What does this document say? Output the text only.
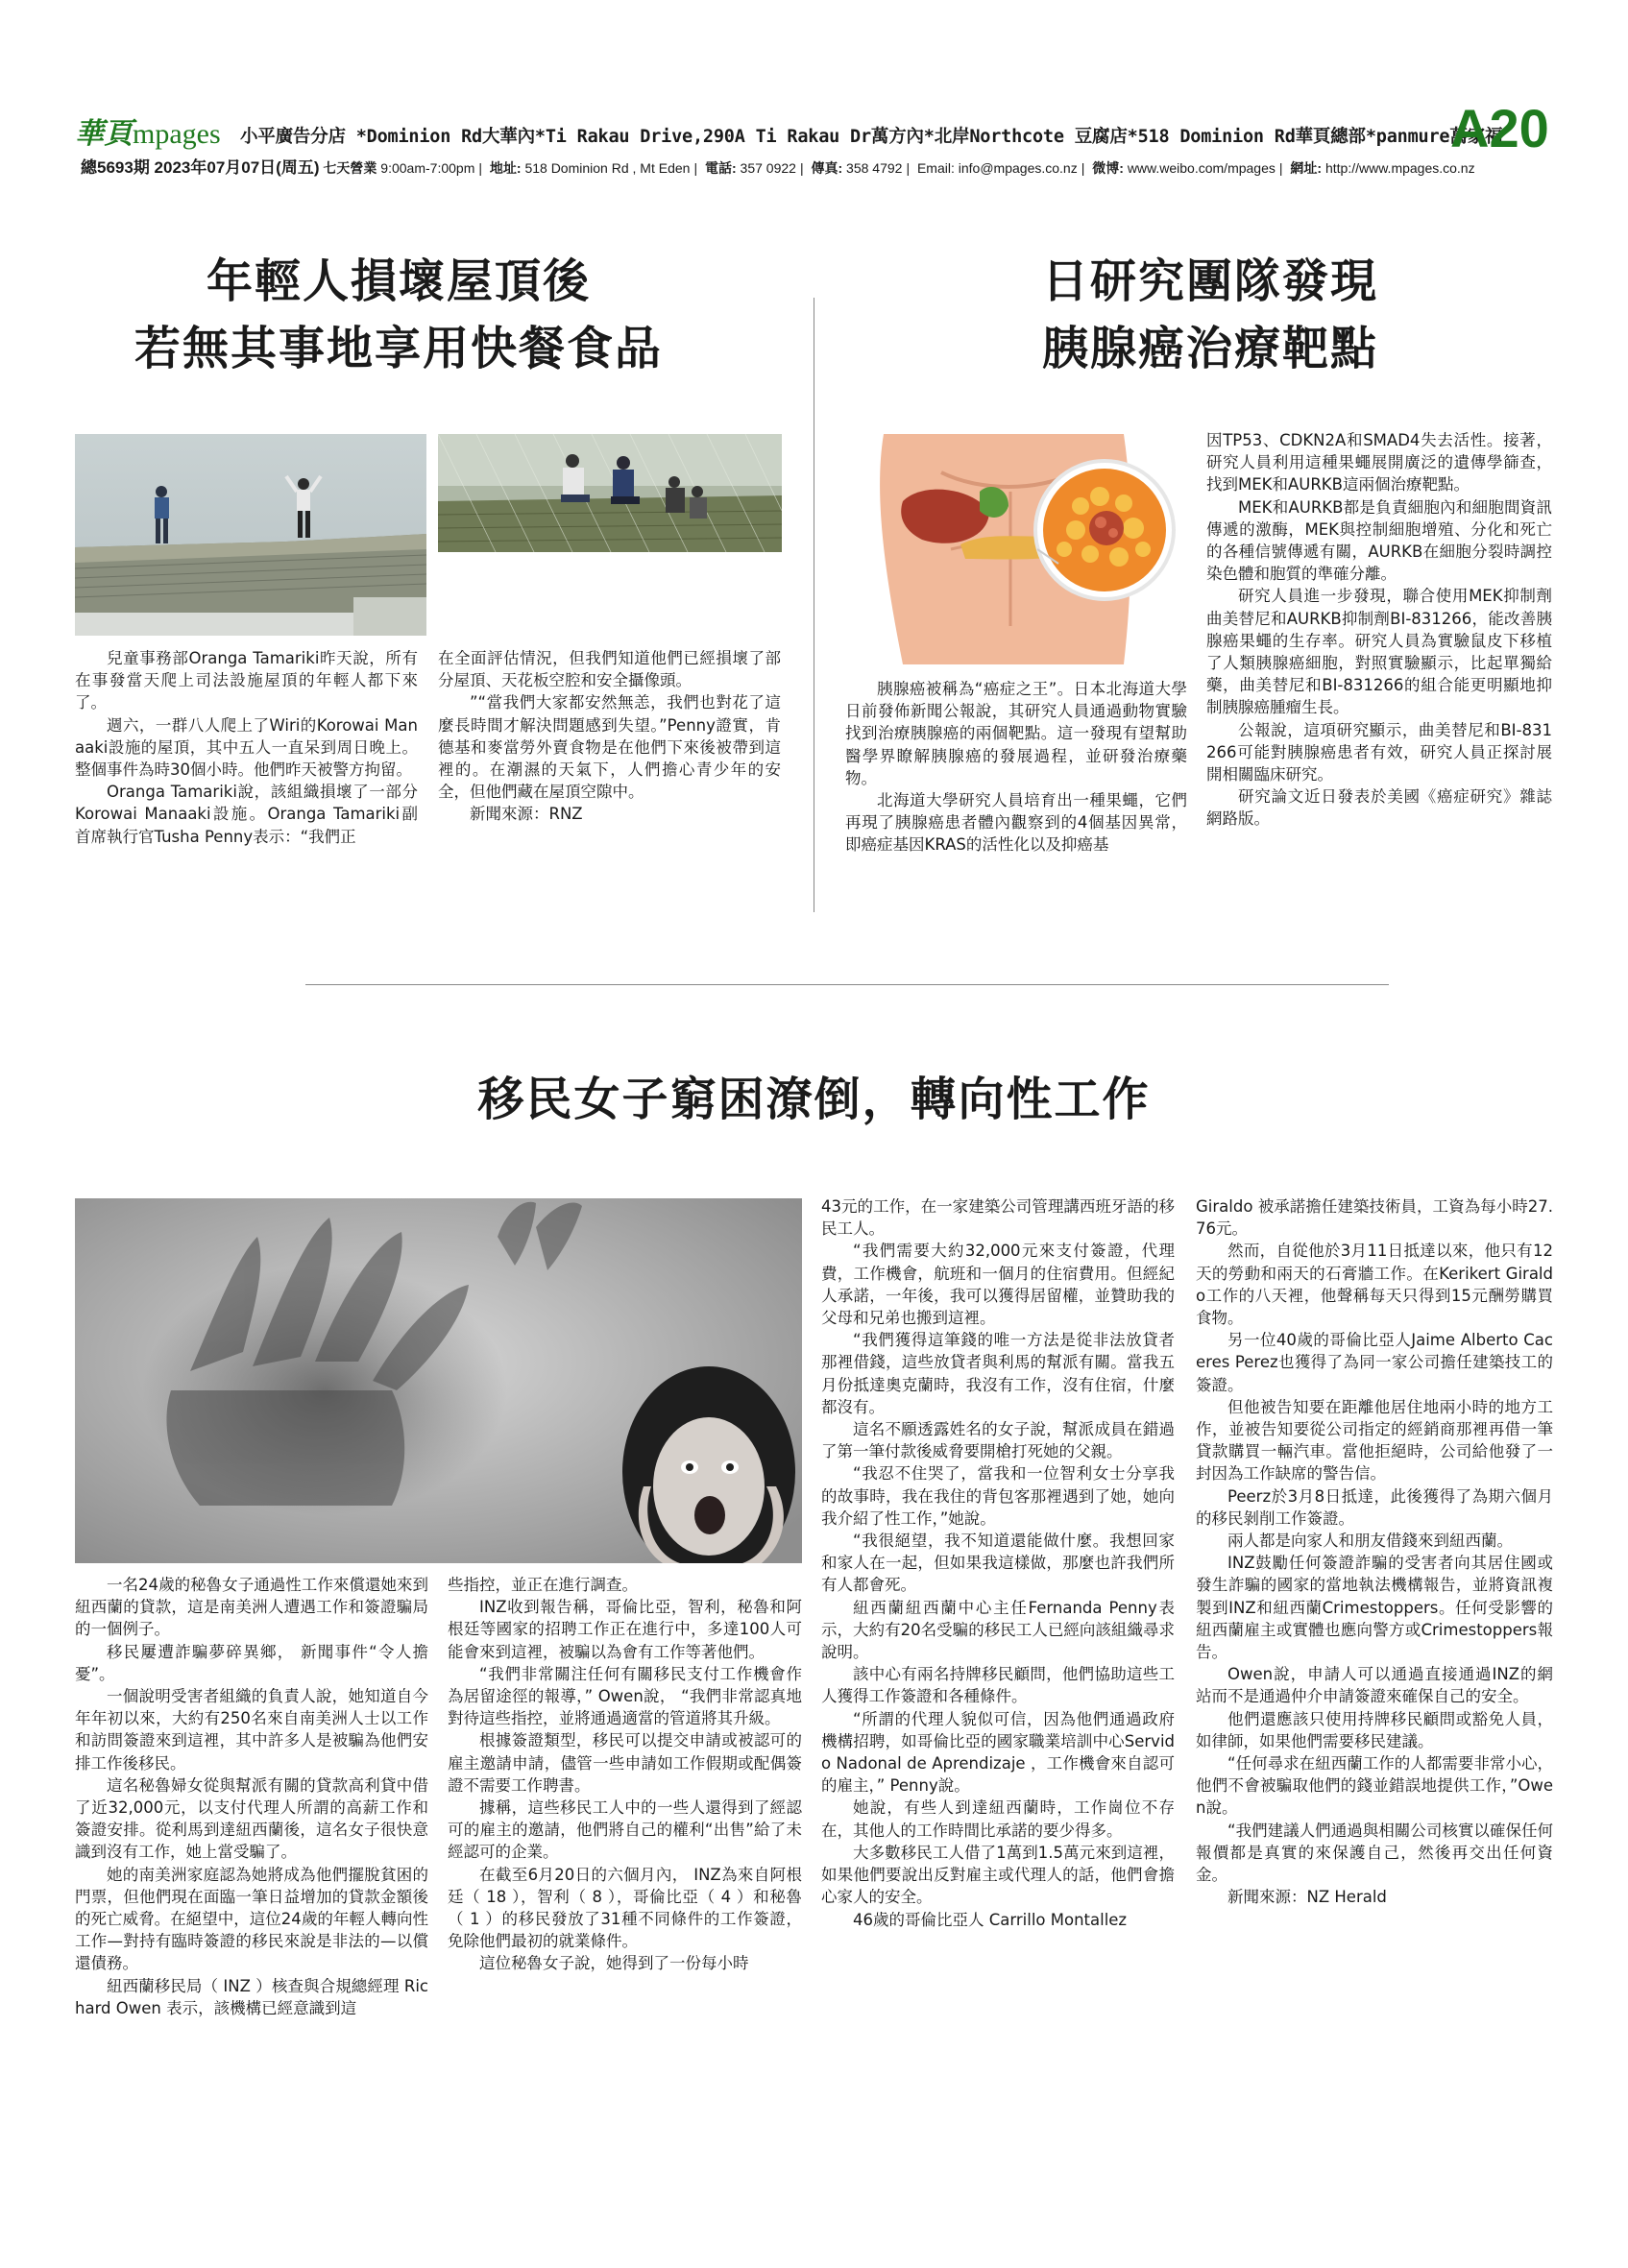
華頁 mpages 小平廣告分店 *Dominion Rd大華內*Ti Rakau Drive,290A Ti Rakau Dr萬方內*北岸Northcote 豆腐店*518 Dominion Rd華頁總部*panmure萬家福
A20
總5693期 2023年07月07日(周五) 七天營業 9:00am-7:00pm | 地址: 518 Dominion Rd , Mt Eden | 電話: 357 0922 | 傳真: 358 4792 | Email: info@mpages.co.nz | 微博: www.weibo.com/mpages | 網址: http://www.mpages.co.nz
年輕人損壞屋頂後
若無其事地享用快餐食品

兒童事務部Oranga Tamariki昨天說，所有在事發當天爬上司法設施屋頂的年輕人都下來了。

週六，一群八人爬上了Wiri的Korowai Manaaki設施的屋頂，其中五人一直呆到周日晚上。整個事件為時30個小時。他們昨天被警方拘留。

Oranga Tamariki說，該組織損壞了一部分Korowai Manaaki設施。Oranga Tamariki副首席執行官Tusha Penny表示：“我們正

在全面評估情況，但我們知道他們已經損壞了部分屋頂、天花板空腔和安全攝像頭。

”“當我們大家都安然無恙，我們也對花了這麼長時間才解決問題感到失望。”Penny證實，肯德基和麥當勞外賣食物是在他們下來後被帶到這裡的。在潮濕的天氣下，人們擔心青少年的安全，但他們藏在屋頂空隙中。

新聞來源：RNZ

日研究團隊發現
胰腺癌治療靶點

胰腺癌被稱為“癌症之王”。日本北海道大學日前發佈新聞公報說，其研究人員通過動物實驗找到治療胰腺癌的兩個靶點。這一發現有望幫助醫學界瞭解胰腺癌的發展過程，並研發治療藥物。

北海道大學研究人員培育出一種果蠅，它們再現了胰腺癌患者體內觀察到的4個基因異常，即癌症基因KRAS的活性化以及抑癌基

因TP53、CDKN2A和SMAD4失去活性。接著，研究人員利用這種果蠅展開廣泛的遺傳學篩查，找到MEK和AURKB這兩個治療靶點。

MEK和AURKB都是負責細胞內和細胞間資訊傳遞的激酶，MEK與控制細胞增殖、分化和死亡的各種信號傳遞有關，AURKB在細胞分裂時調控染色體和胞質的準確分離。

研究人員進一步發現，聯合使用MEK抑制劑曲美替尼和AURKB抑制劑BI-831266，能改善胰腺癌果蠅的生存率。研究人員為實驗鼠皮下移植了人類胰腺癌細胞，對照實驗顯示，比起單獨給藥，曲美替尼和BI-831266的組合能更明顯地抑制胰腺癌腫瘤生長。

公報說，這項研究顯示，曲美替尼和BI-831266可能對胰腺癌患者有效，研究人員正探討展開相關臨床研究。

研究論文近日發表於美國《癌症研究》雜誌網路版。

移民女子窮困潦倒，轉向性工作

一名24歲的秘魯女子通過性工作來償還她來到紐西蘭的貸款，這是南美洲人遭遇工作和簽證騙局的一個例子。

移民屢遭詐騙夢碎異鄉， 新聞事件“令人擔憂”。

一個說明受害者組織的負責人說，她知道自今年年初以來，大約有250名來自南美洲人士以工作和訪問簽證來到這裡，其中許多人是被騙為他們安排工作後移民。

這名秘魯婦女從與幫派有關的貸款高利貸中借了近32,000元，以支付代理人所謂的高薪工作和簽證安排。從利馬到達紐西蘭後，這名女子很快意識到沒有工作，她上當受騙了。

她的南美洲家庭認為她將成為他們擺脫貧困的門票，但他們現在面臨一筆日益增加的貸款金額後的死亡威脅。在絕望中，這位24歲的年輕人轉向性工作—對持有臨時簽證的移民來說是非法的—以償還債務。

紐西蘭移民局（ INZ ）核查與合規總經理 Richard Owen 表示，該機構已經意識到這

些指控，並正在進行調查。

INZ收到報告稱，哥倫比亞，智利，秘魯和阿根廷等國家的招聘工作正在進行中，多達100人可能會來到這裡，被騙以為會有工作等著他們。

“我們非常關注任何有關移民支付工作機會作為居留途徑的報導，” Owen說， “我們非常認真地對待這些指控，並將通過適當的管道將其升級。

根據簽證類型，移民可以提交申請或被認可的雇主邀請申請，儘管一些申請如工作假期或配偶簽證不需要工作聘書。

據稱，這些移民工人中的一些人還得到了經認可的雇主的邀請，他們將自己的權利“出售”給了未經認可的企業。

在截至6月20日的六個月內， INZ為來自阿根廷（ 18 ），智利（ 8 ），哥倫比亞（ 4 ）和秘魯（ 1 ）的移民發放了31種不同條件的工作簽證，免除他們最初的就業條件。

這位秘魯女子說，她得到了一份每小時

43元的工作，在一家建築公司管理講西班牙語的移民工人。

“我們需要大約32,000元來支付簽證，代理費，工作機會，航班和一個月的住宿費用。但經紀人承諾，一年後，我可以獲得居留權，並贊助我的父母和兄弟也搬到這裡。

“我們獲得這筆錢的唯一方法是從非法放貸者那裡借錢，這些放貸者與利馬的幫派有關。當我五月份抵達奧克蘭時，我沒有工作，沒有住宿，什麼都沒有。

這名不願透露姓名的女子說，幫派成員在錯過了第一筆付款後威脅要開槍打死她的父親。

“我忍不住哭了，當我和一位智利女士分享我的故事時，我在我住的背包客那裡遇到了她，她向我介紹了性工作，”她說。

“我很絕望，我不知道還能做什麼。我想回家和家人在一起，但如果我這樣做，那麼也許我們所有人都會死。

紐西蘭紐西蘭中心主任Fernanda Penny表示，大約有20名受騙的移民工人已經向該組織尋求說明。

該中心有兩名持牌移民顧問，他們協助這些工人獲得工作簽證和各種條件。

“所謂的代理人貌似可信，因為他們通過政府機構招聘，如哥倫比亞的國家職業培訓中心Servido Nadonal de Aprendizaje ，工作機會來自認可的雇主，” Penny說。

她說，有些人到達紐西蘭時，工作崗位不存在，其他人的工作時間比承諾的要少得多。

大多數移民工人借了1萬到1.5萬元來到這裡，如果他們要說出反對雇主或代理人的話，他們會擔心家人的安全。

46歲的哥倫比亞人 Carrillo Montallez

Giraldo 被承諾擔任建築技術員，工資為每小時27.76元。

然而，自從他於3月11日抵達以來，他只有12天的勞動和兩天的石膏牆工作。在Kerikert Giraldo工作的八天裡，他聲稱每天只得到15元酬勞購買食物。

另一位40歲的哥倫比亞人Jaime Alberto Caceres Perez也獲得了為同一家公司擔任建築技工的簽證。

但他被告知要在距離他居住地兩小時的地方工作，並被告知要從公司指定的經銷商那裡再借一筆貸款購買一輛汽車。當他拒絕時，公司給他發了一封因為工作缺席的警告信。

Peerz於3月8日抵達，此後獲得了為期六個月的移民剝削工作簽證。

兩人都是向家人和朋友借錢來到紐西蘭。

INZ鼓勵任何簽證詐騙的受害者向其居住國或發生詐騙的國家的當地執法機構報告，並將資訊複製到INZ和紐西蘭Crimestoppers。任何受影響的紐西蘭雇主或實體也應向警方或Crimestoppers報告。

Owen說，申請人可以通過直接通過INZ的網站而不是通過仲介申請簽證來確保自己的安全。

他們還應該只使用持牌移民顧問或豁免人員，如律師，如果他們需要移民建議。

“任何尋求在紐西蘭工作的人都需要非常小心，他們不會被騙取他們的錢並錯誤地提供工作，”Owen說。

“我們建議人們通過與相關公司核實以確保任何報價都是真實的來保護自己，然後再交出任何資金。

新聞來源：NZ Herald
